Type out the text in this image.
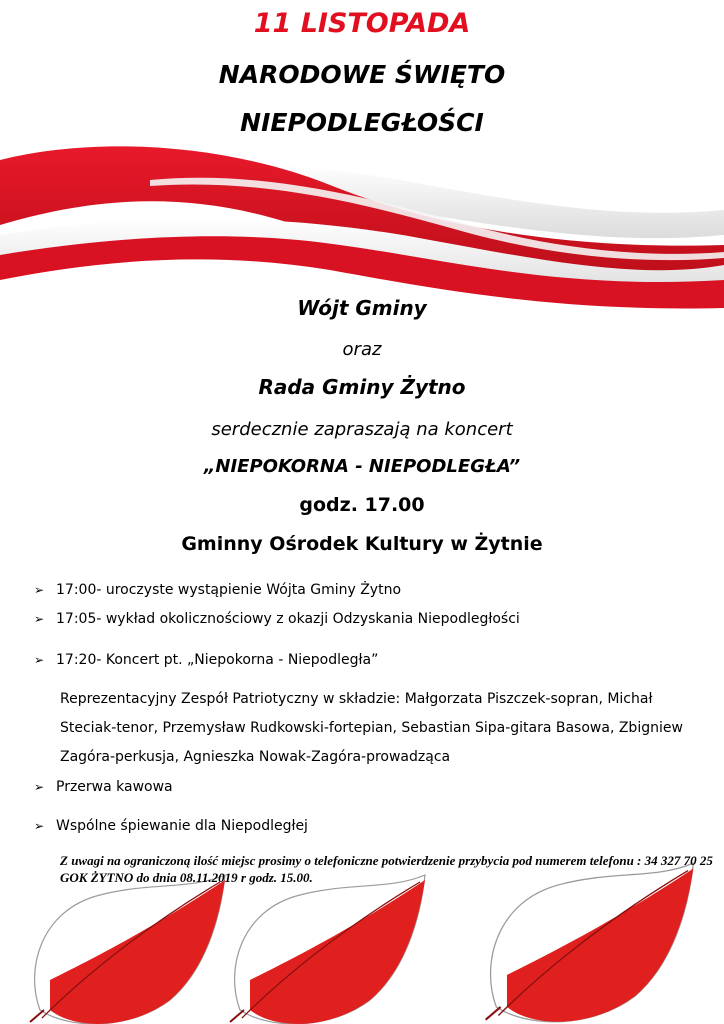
11 LISTOPADA
NARODOWE ŚWIĘTO
NIEPODLEGŁOŚCI
Wójt Gminy
oraz
Rada Gminy Żytno
serdecznie zapraszają na koncert
„NIEPOKORNA - NIEPODLEGŁA”
godz. 17.00
Gminny Ośrodek Kultury w Żytnie
➢ 17:00- uroczyste wystąpienie Wójta Gminy Żytno
➢ 17:05- wykład okolicznościowy z okazji Odzyskania Niepodległości
➢ 17:20- Koncert pt. „Niepokorna - Niepodległa”
Reprezentacyjny Zespół Patriotyczny w składzie: Małgorzata Piszczek-sopran, Michał Steciak-tenor, Przemysław Rudkowski-fortepian, Sebastian Sipa-gitara Basowa, Zbigniew Zagóra-perkusja, Agnieszka Nowak-Zagóra-prowadząca
➢ Przerwa kawowa
➢ Wspólne śpiewanie dla Niepodległej
Z uwagi na ograniczoną ilość miejsc prosimy o telefoniczne potwierdzenie przybycia pod numerem telefonu : 34 327 70 25 GOK ŻYTNO do dnia 08.11.2019 r godz. 15.00.
